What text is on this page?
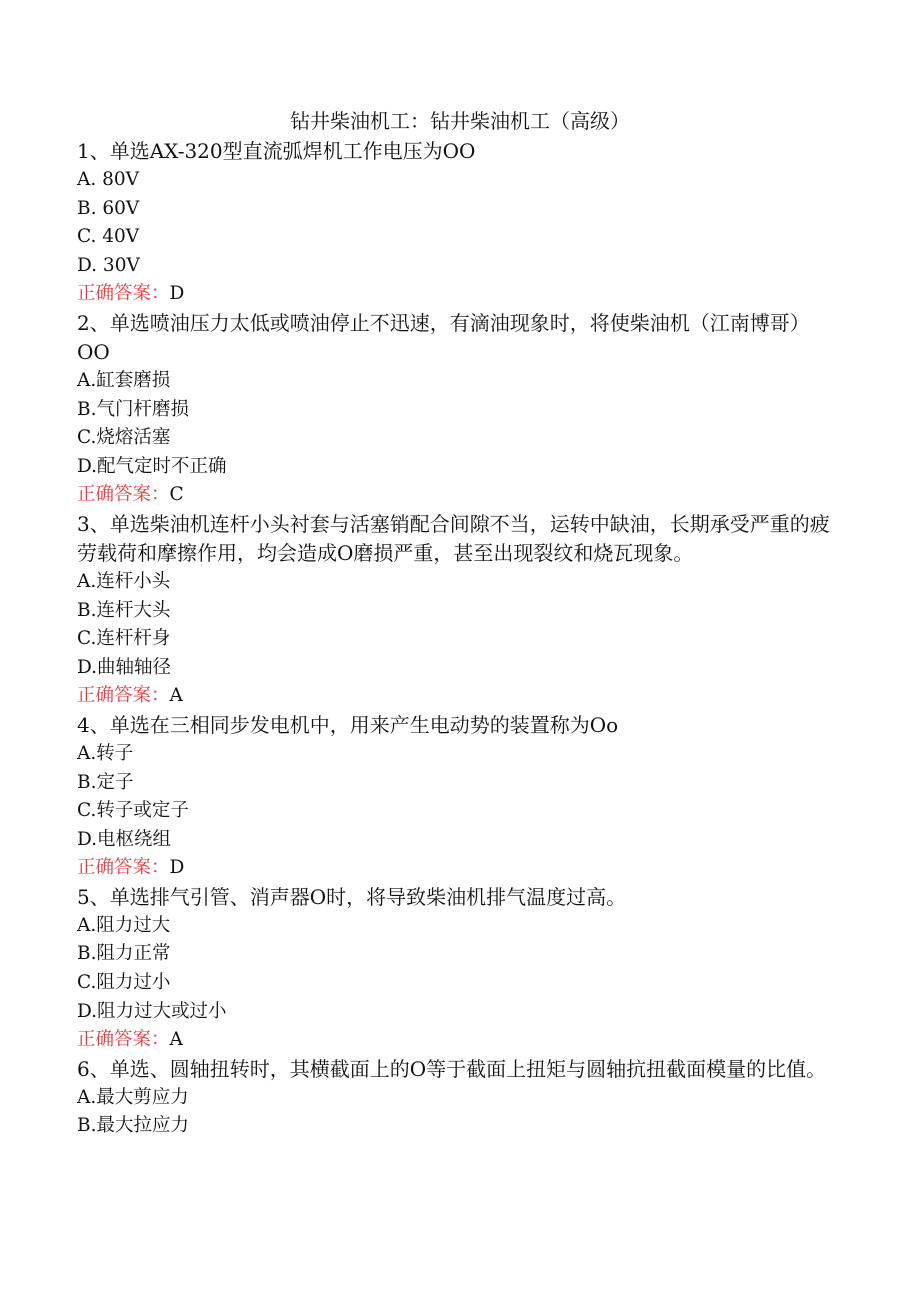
钻井柴油机工：钻井柴油机工（高级）

1、单选AX-320型直流弧焊机工作电压为OO

A. 80V

B. 60V

C. 40V

D. 30V

正确答案：D

2、单选喷油压力太低或喷油停止不迅速，有滴油现象时，将使柴油机（江南博哥）OO

A.缸套磨损

B.气门杆磨损

C.烧熔活塞

D.配气定时不正确

正确答案：C

3、单选柴油机连杆小头衬套与活塞销配合间隙不当，运转中缺油，长期承受严重的疲劳载荷和摩擦作用，均会造成O磨损严重，甚至出现裂纹和烧瓦现象。

A.连杆小头

B.连杆大头

C.连杆杆身

D.曲轴轴径

正确答案：A

4、单选在三相同步发电机中，用来产生电动势的装置称为Oo

A.转子

B.定子

C.转子或定子

D.电枢绕组

正确答案：D

5、单选排气引管、消声器O时，将导致柴油机排气温度过高。

A.阻力过大

B.阻力正常

C.阻力过小

D.阻力过大或过小

正确答案：A

6、单选、圆轴扭转时，其横截面上的O等于截面上扭矩与圆轴抗扭截面模量的比值。

A.最大剪应力

B.最大拉应力
